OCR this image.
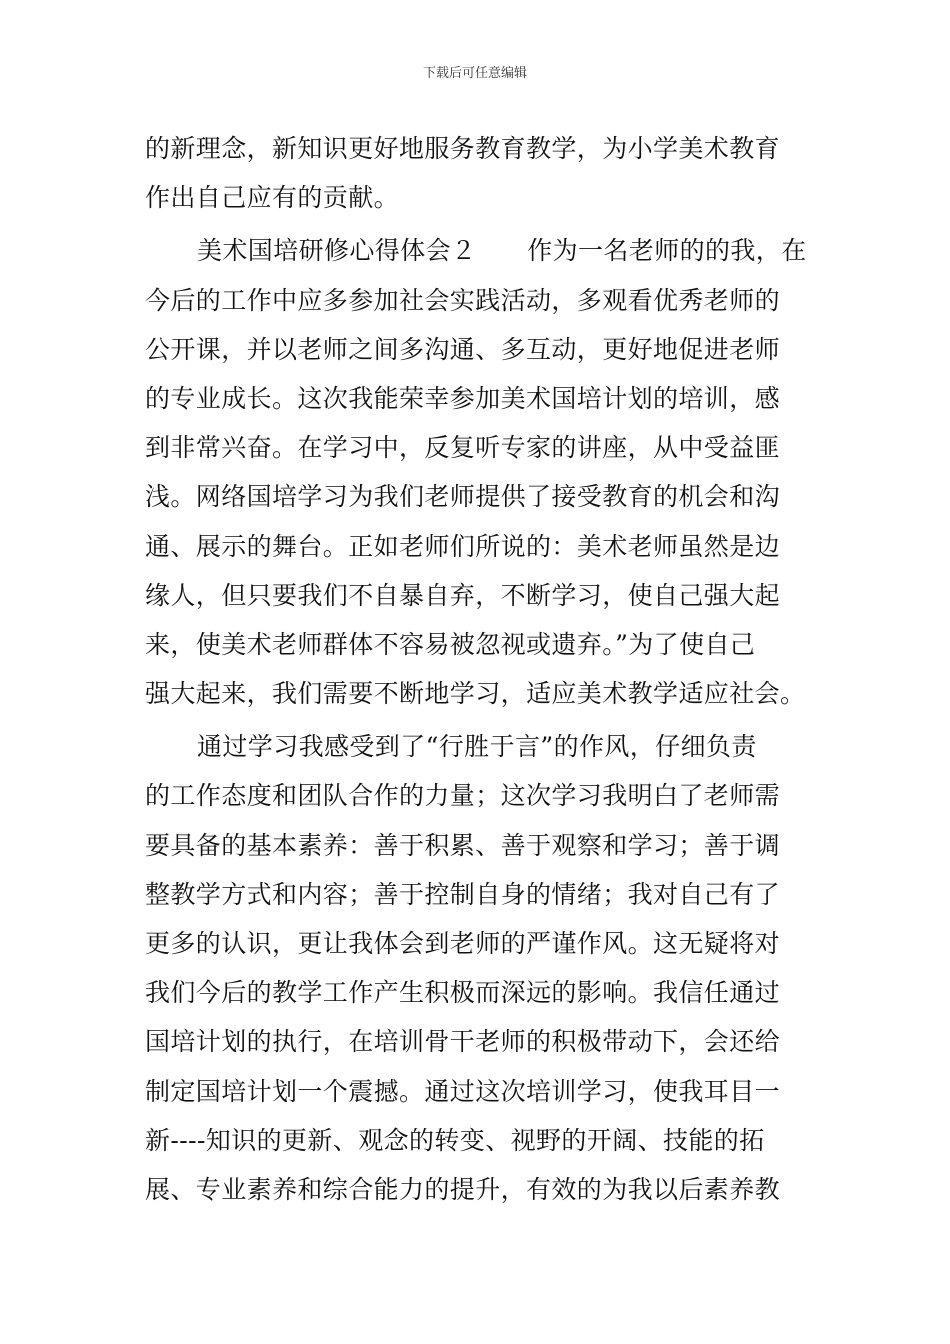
下载后可任意编辑
的新理念，新知识更好地服务教育教学，为小学美术教育
作出自己应有的贡献。
美术国培研修心得体会２　　作为一名老师的的我，在
今后的工作中应多参加社会实践活动，多观看优秀老师的
公开课，并以老师之间多沟通、多互动，更好地促进老师
的专业成长。这次我能荣幸参加美术国培计划的培训，感
到非常兴奋。在学习中，反复听专家的讲座，从中受益匪
浅。网络国培学习为我们老师提供了接受教育的机会和沟
通、展示的舞台。正如老师们所说的：美术老师虽然是边
缘人，但只要我们不自暴自弃，不断学习，使自己强大起
来，使美术老师群体不容易被忽视或遗弃。”为了使自己
强大起来，我们需要不断地学习，适应美术教学适应社会。
通过学习我感受到了“行胜于言”的作风，仔细负责
的工作态度和团队合作的力量；这次学习我明白了老师需
要具备的基本素养：善于积累、善于观察和学习；善于调
整教学方式和内容；善于控制自身的情绪；我对自己有了
更多的认识，更让我体会到老师的严谨作风。这无疑将对
我们今后的教学工作产生积极而深远的影响。我信任通过
国培计划的执行，在培训骨干老师的积极带动下，会还给
制定国培计划一个震撼。通过这次培训学习，使我耳目一
新----知识的更新、观念的转变、视野的开阔、技能的拓
展、专业素养和综合能力的提升，有效的为我以后素养教
